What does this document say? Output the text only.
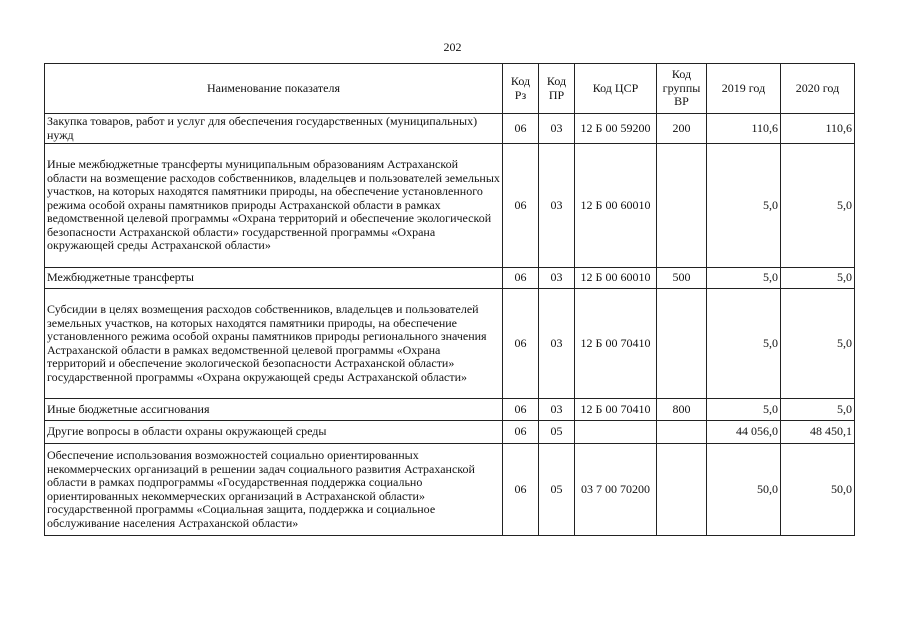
202
Наименование показателя	Код Рз	Код ПР	Код ЦСР	Код группы ВР	2019 год	2020 год
Закупка товаров, работ и услуг для обеспечения государственных (муниципальных) нужд	06	03	12 Б 00 59200	200	110,6	110,6
Иные межбюджетные трансферты муниципальным образованиям Астраханской области на возмещение расходов собственников, владельцев и пользователей земельных участков, на которых находятся памятники природы, на обеспечение установленного режима особой охраны памятников природы Астраханской области в рамках ведомственной целевой программы «Охрана территорий и обеспечение экологической безопасности Астраханской области» государственной программы «Охрана окружающей среды Астраханской области»	06	03	12 Б 00 60010		5,0	5,0
Межбюджетные трансферты	06	03	12 Б 00 60010	500	5,0	5,0
Субсидии в целях возмещения расходов собственников, владельцев и пользователей земельных участков, на которых находятся памятники природы, на обеспечение установленного режима особой охраны памятников природы регионального значения Астраханской области в рамках ведомственной целевой программы «Охрана территорий и обеспечение экологической безопасности Астраханской области» государственной программы «Охрана окружающей среды Астраханской области»	06	03	12 Б 00 70410		5,0	5,0
Иные бюджетные ассигнования	06	03	12 Б 00 70410	800	5,0	5,0
Другие вопросы в области охраны окружающей среды	06	05			44 056,0	48 450,1
Обеспечение использования возможностей социально ориентированных некоммерческих организаций в решении задач социального развития Астраханской области в рамках подпрограммы «Государственная поддержка социально ориентированных некоммерческих организаций в Астраханской области» государственной программы «Социальная защита, поддержка и социальное обслуживание населения Астраханской области»	06	05	03 7 00 70200		50,0	50,0
